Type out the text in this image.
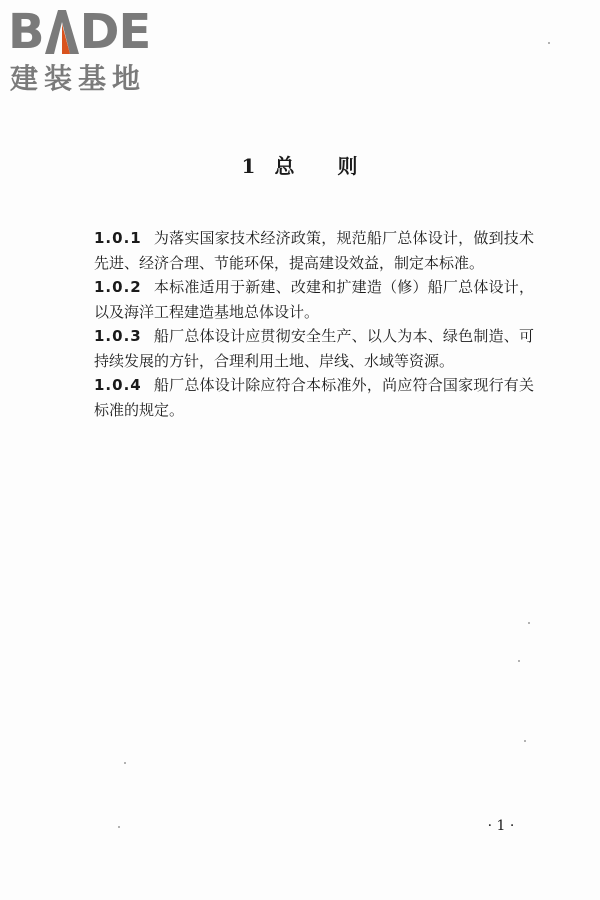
B D E
建装基地
1 总 则

1.0.1 为落实国家技术经济政策，规范船厂总体设计，做到技术先进、经济合理、节能环保，提高建设效益，制定本标准。

1.0.2 本标准适用于新建、改建和扩建造（修）船厂总体设计，以及海洋工程建造基地总体设计。

1.0.3 船厂总体设计应贯彻安全生产、以人为本、绿色制造、可持续发展的方针，合理利用土地、岸线、水域等资源。

1.0.4 船厂总体设计除应符合本标准外，尚应符合国家现行有关标准的规定。

· 1 ·
